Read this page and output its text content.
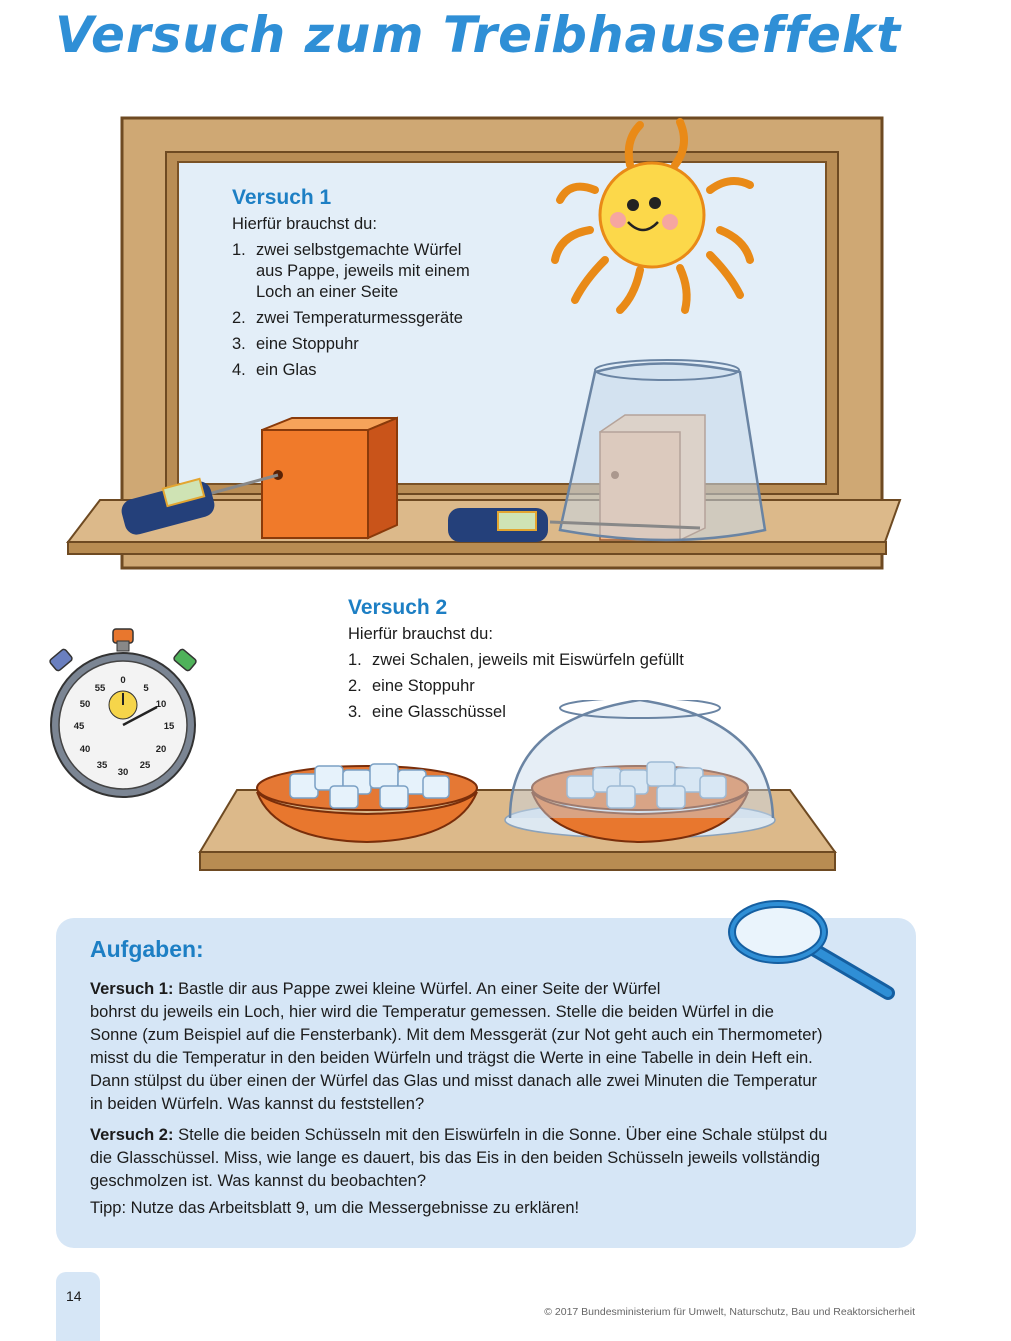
Versuch zum Treibhauseffekt
Versuch 1
Hierfür brauchst du:
1. zwei selbstgemachte Würfel
aus Pappe, jeweils mit einem
Loch an einer Seite
2. zwei Temperaturmessgeräte
3. eine Stoppuhr
4. ein Glas
55
0
5
50	10
45	15
40	20
35
30
25
Versuch 2
Hierfür brauchst du:
1. zwei Schalen, jeweils mit Eiswürfeln gefüllt
2. eine Stoppuhr
3. eine Glasschüssel
Aufgaben:

Versuch 1: Bastle dir aus Pappe zwei kleine Würfel. An einer Seite der Würfel
bohrst du jeweils ein Loch, hier wird die Temperatur gemessen. Stelle die beiden Würfel in die
Sonne (zum Beispiel auf die Fensterbank). Mit dem Messgerät (zur Not geht auch ein Thermometer)
misst du die Temperatur in den beiden Würfeln und trägst die Werte in eine Tabelle in dein Heft ein.
Dann stülpst du über einen der Würfel das Glas und misst danach alle zwei Minuten die Temperatur
in beiden Würfeln. Was kannst du feststellen?

Versuch 2: Stelle die beiden Schüsseln mit den Eiswürfeln in die Sonne. Über eine Schale stülpst du
die Glasschüssel. Miss, wie lange es dauert, bis das Eis in den beiden Schüsseln jeweils vollständig
geschmolzen ist. Was kannst du beobachten?

Tipp: Nutze das Arbeitsblatt 9, um die Messergebnisse zu erklären!

14
© 2017 Bundesministerium für Umwelt, Naturschutz, Bau und Reaktorsicherheit
